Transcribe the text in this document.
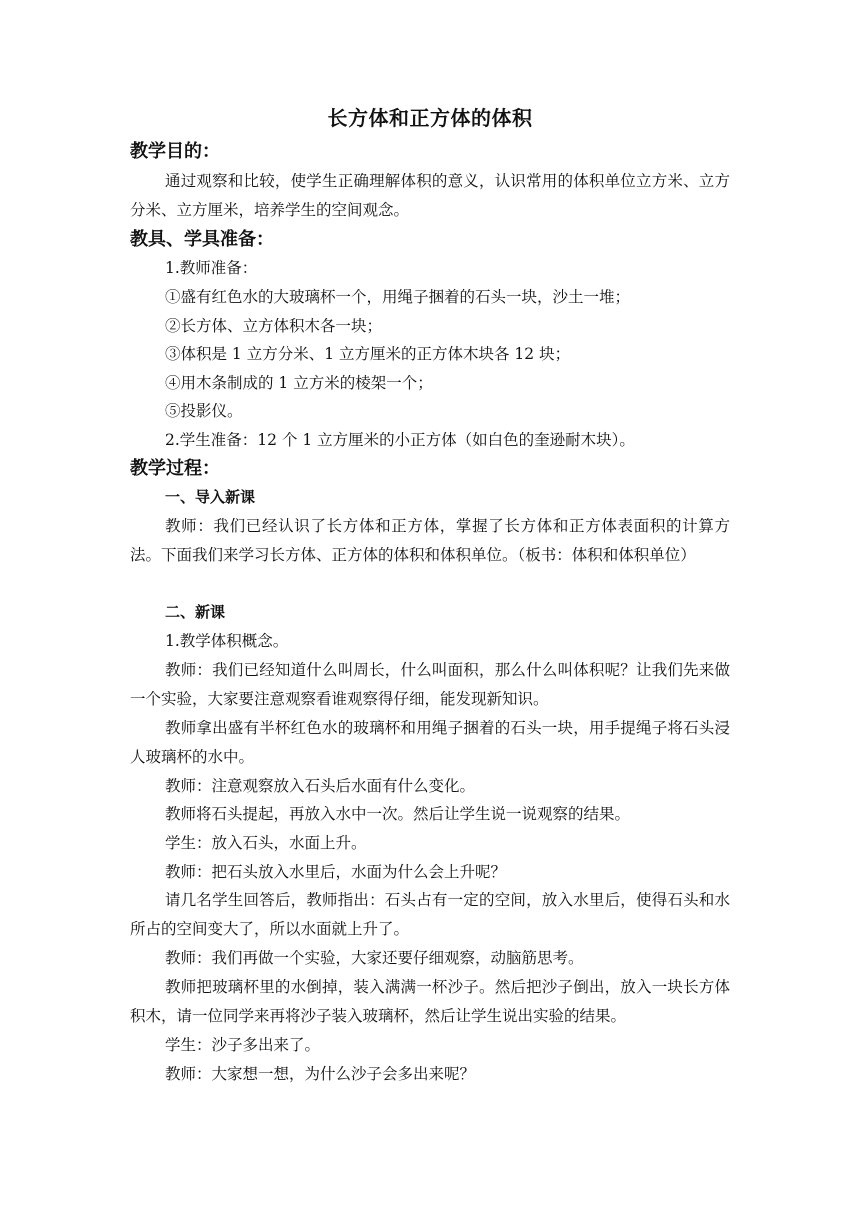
长方体和正方体的体积
教学目的：
通过观察和比较，使学生正确理解体积的意义，认识常用的体积单位立方米、立方分米、立方厘米，培养学生的空间观念。
教具、学具准备：
1.教师准备：
①盛有红色水的大玻璃杯一个，用绳子捆着的石头一块，沙土一堆；
②长方体、立方体积木各一块；
③体积是 1 立方分米、1 立方厘米的正方体木块各 12 块；
④用木条制成的 1 立方米的棱架一个；
⑤投影仪。
2.学生准备：12 个 1 立方厘米的小正方体（如白色的奎逊耐木块）。
教学过程：
一、导入新课
教师：我们已经认识了长方体和正方体，掌握了长方体和正方体表面积的计算方法。下面我们来学习长方体、正方体的体积和体积单位。（板书：体积和体积单位）
二、新课
1.教学体积概念。
教师：我们已经知道什么叫周长，什么叫面积，那么什么叫体积呢？让我们先来做一个实验，大家要注意观察看谁观察得仔细，能发现新知识。
教师拿出盛有半杯红色水的玻璃杯和用绳子捆着的石头一块，用手提绳子将石头浸人玻璃杯的水中。
教师：注意观察放入石头后水面有什么变化。
教师将石头提起，再放入水中一次。然后让学生说一说观察的结果。
学生：放入石头，水面上升。
教师：把石头放入水里后，水面为什么会上升呢？
请几名学生回答后，教师指出：石头占有一定的空间，放入水里后，使得石头和水所占的空间变大了，所以水面就上升了。
教师：我们再做一个实验，大家还要仔细观察，动脑筋思考。
教师把玻璃杯里的水倒掉，装入满满一杯沙子。然后把沙子倒出，放入一块长方体积木，请一位同学来再将沙子装入玻璃杯，然后让学生说出实验的结果。
学生：沙子多出来了。
教师：大家想一想，为什么沙子会多出来呢？
